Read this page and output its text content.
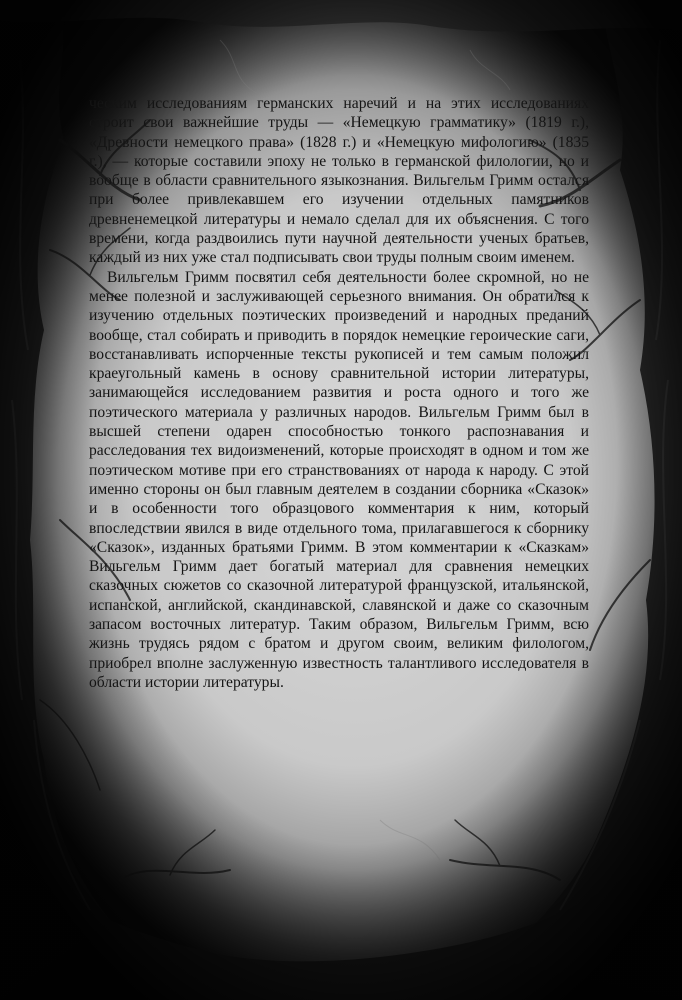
ческим исследованиям германских наречий и на этих исследованиях строит свои важнейшие труды — «Немецкую грамматику» (1819 г.), «Древности немецкого права» (1828 г.) и «Немецкую мифологию» (1835 г.), — которые составили эпоху не только в германской филологии, но и вообще в области сравнительного языкознания. Вильгельм Гримм остался при более привлекавшем его изучении отдельных памятников древненемецкой литературы и немало сделал для их объяснения. С того времени, когда раздвоились пути научной деятельности ученых братьев, каждый из них уже стал подписывать свои труды полным своим именем.

Вильгельм Гримм посвятил себя деятельности более скромной, но не менее полезной и заслуживающей серьезного внимания. Он обратился к изучению отдельных поэтических произведений и народных преданий вообще, стал собирать и приводить в порядок немецкие героические саги, восстанавливать испорченные тексты рукописей и тем самым положил краеугольный камень в основу сравнительной истории литературы, занимающейся исследованием развития и роста одного и того же поэтического материала у различных народов. Вильгельм Гримм был в высшей степени одарен способностью тонкого распознавания и расследования тех видоизменений, которые происходят в одном и том же поэтическом мотиве при его странствованиях от народа к народу. С этой именно стороны он был главным деятелем в создании сборника «Сказок» и в особенности того образцового комментария к ним, который впоследствии явился в виде отдельного тома, прилагавшегося к сборнику «Сказок», изданных братьями Гримм. В этом комментарии к «Сказкам» Вильгельм Гримм дает богатый материал для сравнения немецких сказочных сюжетов со сказочной литературой французской, итальянской, испанской, английской, скандинавской, славянской и даже со сказочным запасом восточных литератур. Таким образом, Вильгельм Гримм, всю жизнь трудясь рядом с братом и другом своим, великим филологом, приобрел вполне заслуженную известность талантливого исследователя в области истории литературы.
